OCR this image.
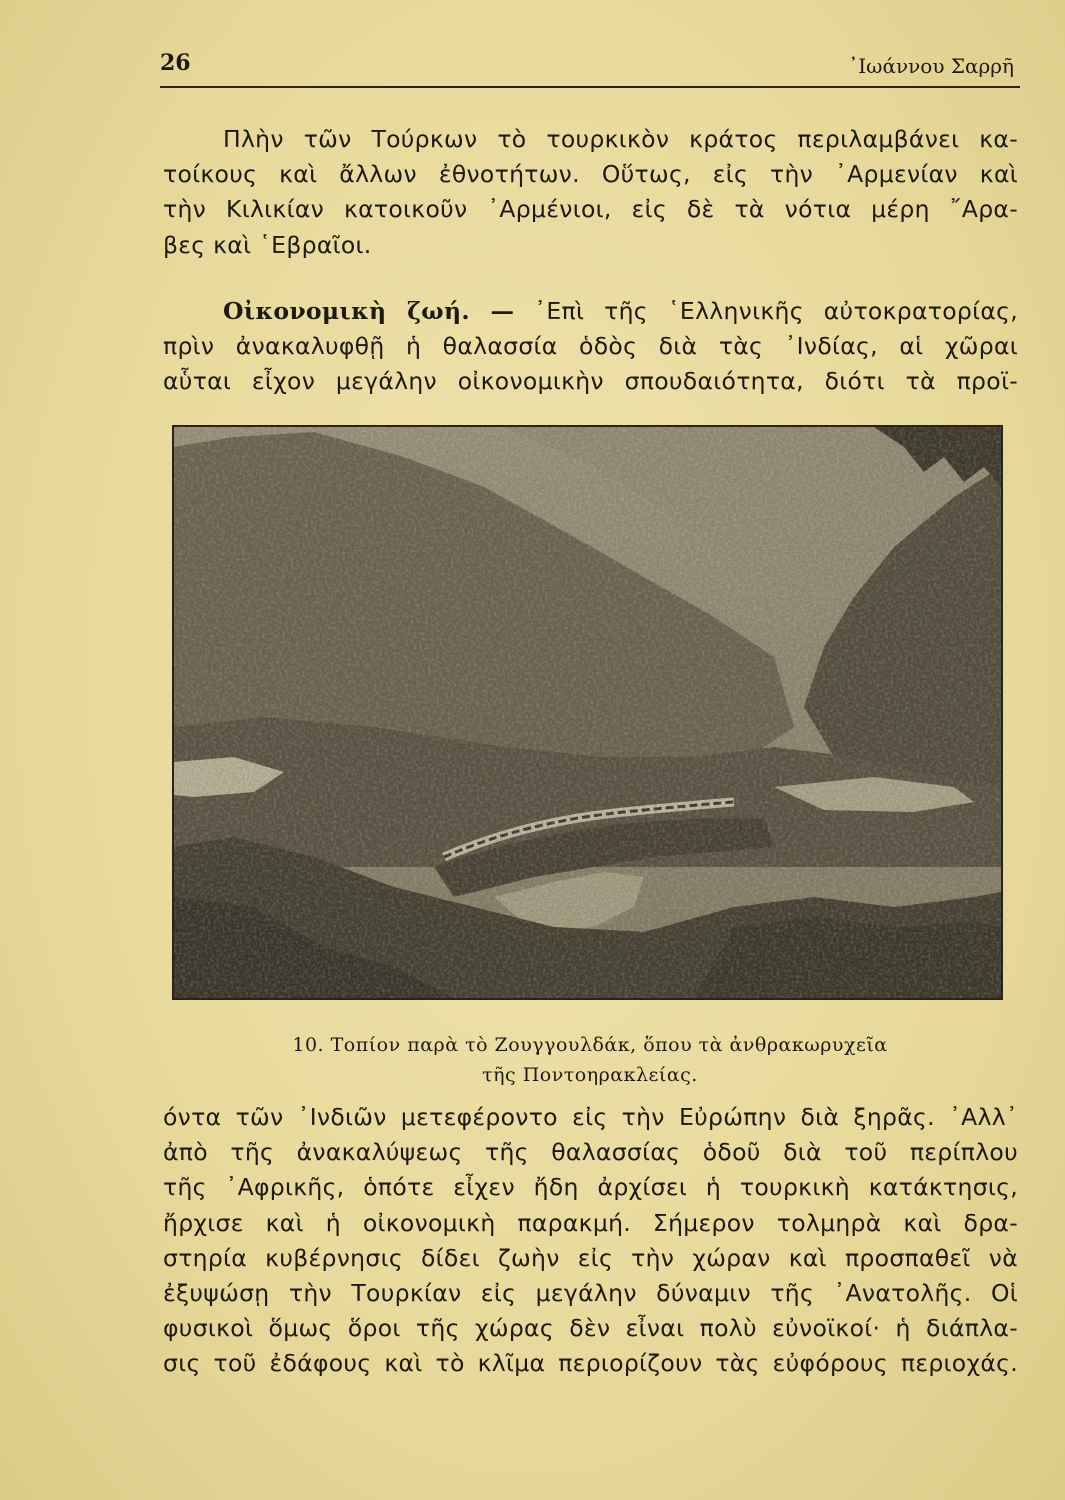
26	᾿Ιωάννου Σαρρῆ

Πλὴν τῶν Τούρκων τὸ τουρκικὸν κράτος περιλαμβάνει κα-
τοίκους καὶ ἄλλων ἐθνοτήτων. Οὕτως, εἰς τὴν ᾿Αρμενίαν καὶ
τὴν Κιλικίαν κατοικοῦν ᾿Αρμένιοι, εἰς δὲ τὰ νότια μέρη ῎Αρα-
βες καὶ ῾Εβραῖοι.

Οἰκονομικὴ ζωή. — ᾿Επὶ τῆς ῾Ελληνικῆς αὐτοκρατορίας,
πρὶν ἀνακαλυφθῇ ἡ θαλασσία ὁδὸς διὰ τὰς ᾿Ινδίας, αἱ χῶραι
αὗται εἶχον μεγάλην οἰκονομικὴν σπουδαιότητα, διότι τὰ προϊ-

10. Τοπίον παρὰ τὸ Ζουγγουλδάκ, ὅπου τὰ ἀνθρακωρυχεῖα
τῆς Ποντοηρακλείας.

όντα τῶν ᾿Ινδιῶν μετεφέροντο εἰς τὴν Εὐρώπην διὰ ξηρᾶς. ᾿Αλλ᾿
ἀπὸ τῆς ἀνακαλύψεως τῆς θαλασσίας ὁδοῦ διὰ τοῦ περίπλου
τῆς ᾿Αφρικῆς, ὁπότε εἶχεν ἤδη ἀρχίσει ἡ τουρκικὴ κατάκτησις,
ἤρχισε καὶ ἡ οἰκονομικὴ παρακμή. Σήμερον τολμηρὰ καὶ δρα-
στηρία κυβέρνησις δίδει ζωὴν εἰς τὴν χώραν καὶ προσπαθεῖ νὰ
ἐξυψώσῃ τὴν Τουρκίαν εἰς μεγάλην δύναμιν τῆς ᾿Ανατολῆς. Οἱ
φυσικοὶ ὅμως ὅροι τῆς χώρας δὲν εἶναι πολὺ εὐνοϊκοί· ἡ διάπλα-
σις τοῦ ἐδάφους καὶ τὸ κλῖμα περιορίζουν τὰς εὐφόρους περιοχάς.
